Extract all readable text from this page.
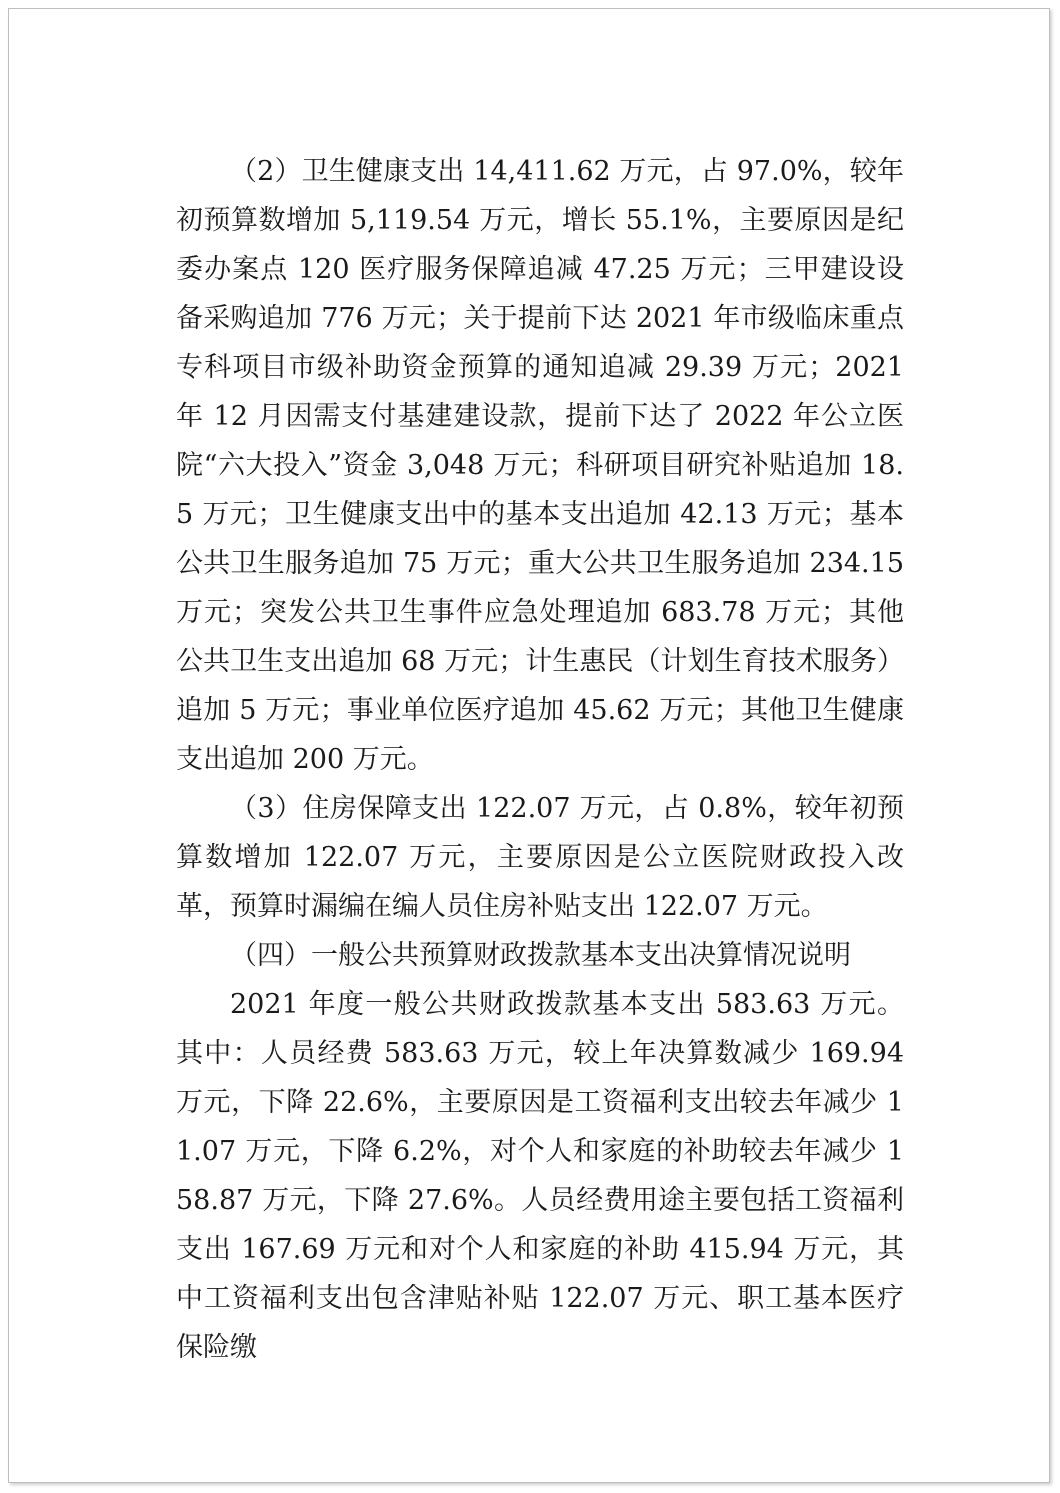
（2）卫生健康支出 14,411.62 万元，占 97.0%，较年初预算数增加 5,119.54 万元，增长 55.1%，主要原因是纪委办案点 120 医疗服务保障追减 47.25 万元；三甲建设设备采购追加 776 万元；关于提前下达 2021 年市级临床重点专科项目市级补助资金预算的通知追减 29.39 万元；2021 年 12 月因需支付基建建设款，提前下达了 2022 年公立医院“六大投入”资金 3,048 万元；科研项目研究补贴追加 18.5 万元；卫生健康支出中的基本支出追加 42.13 万元；基本公共卫生服务追加 75 万元；重大公共卫生服务追加 234.15 万元；突发公共卫生事件应急处理追加 683.78 万元；其他公共卫生支出追加 68 万元；计生惠民（计划生育技术服务）追加 5 万元；事业单位医疗追加 45.62 万元；其他卫生健康支出追加 200 万元。

（3）住房保障支出 122.07 万元，占 0.8%，较年初预算数增加 122.07 万元，主要原因是公立医院财政投入改革，预算时漏编在编人员住房补贴支出 122.07 万元。

（四）一般公共预算财政拨款基本支出决算情况说明

2021 年度一般公共财政拨款基本支出 583.63 万元。其中：人员经费 583.63 万元，较上年决算数减少 169.94 万元，下降 22.6%，主要原因是工资福利支出较去年减少 11.07 万元，下降 6.2%，对个人和家庭的补助较去年减少 158.87 万元，下降 27.6%。人员经费用途主要包括工资福利支出 167.69 万元和对个人和家庭的补助 415.94 万元，其中工资福利支出包含津贴补贴 122.07 万元、职工基本医疗保险缴
